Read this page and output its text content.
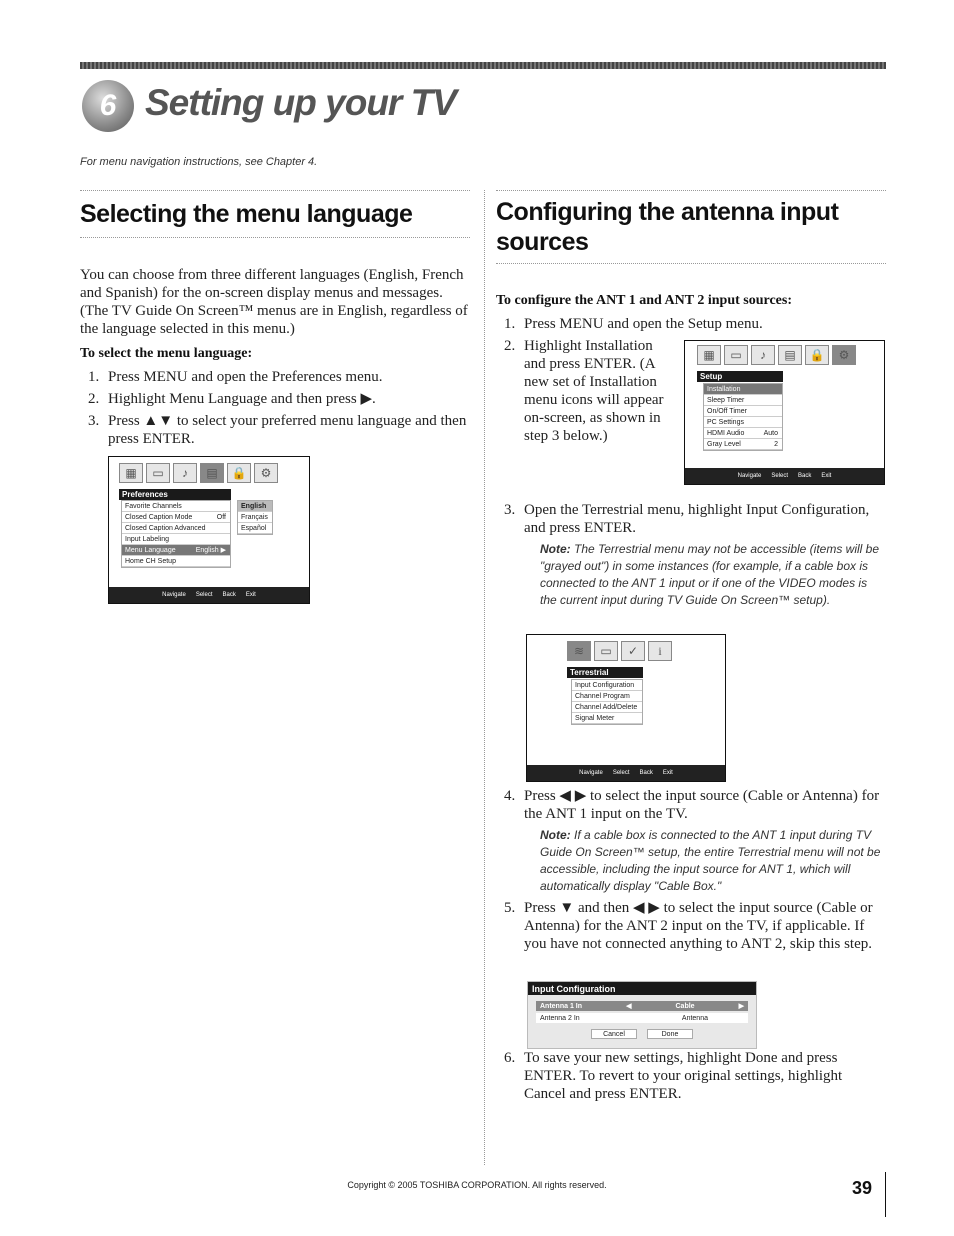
6 Setting up your TV
For menu navigation instructions, see Chapter 4.
Selecting the menu language

You can choose from three different languages (English, French

and Spanish) for the on-screen display menus and messages.

(The TV Guide On Screen™ menus are in English, regardless of

the language selected in this menu.)

To select the menu language:
1. Press MENU and open the Preferences menu.
2. Highlight Menu Language and then press ▶.
3. Press ▲▼ to select your preferred menu language and then press ENTER.
▦	▭	♪	▤	🔒	⚙
Preferences
Favorite Channels
Closed Caption Mode	Off
Closed Caption Advanced
Input Labeling
Menu Language	English ▶
Home CH Setup
English
Français
Español
Navigate Select Back Exit
Configuring the antenna input
sources
To configure the ANT 1 and ANT 2 input sources:
1. Press MENU and open the Setup menu.
2. Highlight Installation
and press ENTER. (A
new set of Installation
menu icons will appear
on-screen, as shown in
step 3 below.)
3. Open the Terrestrial menu, highlight Input Configuration, and press ENTER.

Note: The Terrestrial menu may not be accessible (items will be "grayed out") in some instances (for example, if a cable box is connected to the ANT 1 input or if one of the VIDEO modes is the current input during TV Guide On Screen™ setup).

4. Press ◀ ▶ to select the input source (Cable or Antenna) for the ANT 1 input on the TV.

Note: If a cable box is connected to the ANT 1 input during TV Guide On Screen™ setup, the entire Terrestrial menu will not be accessible, including the input source for ANT 1, which will automatically display "Cable Box."

5. Press ▼ and then ◀ ▶ to select the input source (Cable or Antenna) for the ANT 2 input on the TV, if applicable. If you have not connected anything to ANT 2, skip this step.
6. To save your new settings, highlight Done and press ENTER. To revert to your original settings, highlight Cancel and press ENTER.
▦	▭	♪	▤	🔒	⚙
Setup
Installation
Sleep Timer
On/Off Timer
PC Settings
HDMI Audio	Auto
Gray Level	2
Navigate Select Back Exit
≋	▭	✓	i
Terrestrial
Input Configuration
Channel Program
Channel Add/Delete
Signal Meter
Navigate Select Back Exit
Input Configuration
Antenna 1 In	◀	Cable	▶
Antenna 2 In	Antenna
Cancel	Done
Copyright © 2005 TOSHIBA CORPORATION. All rights reserved.	39
